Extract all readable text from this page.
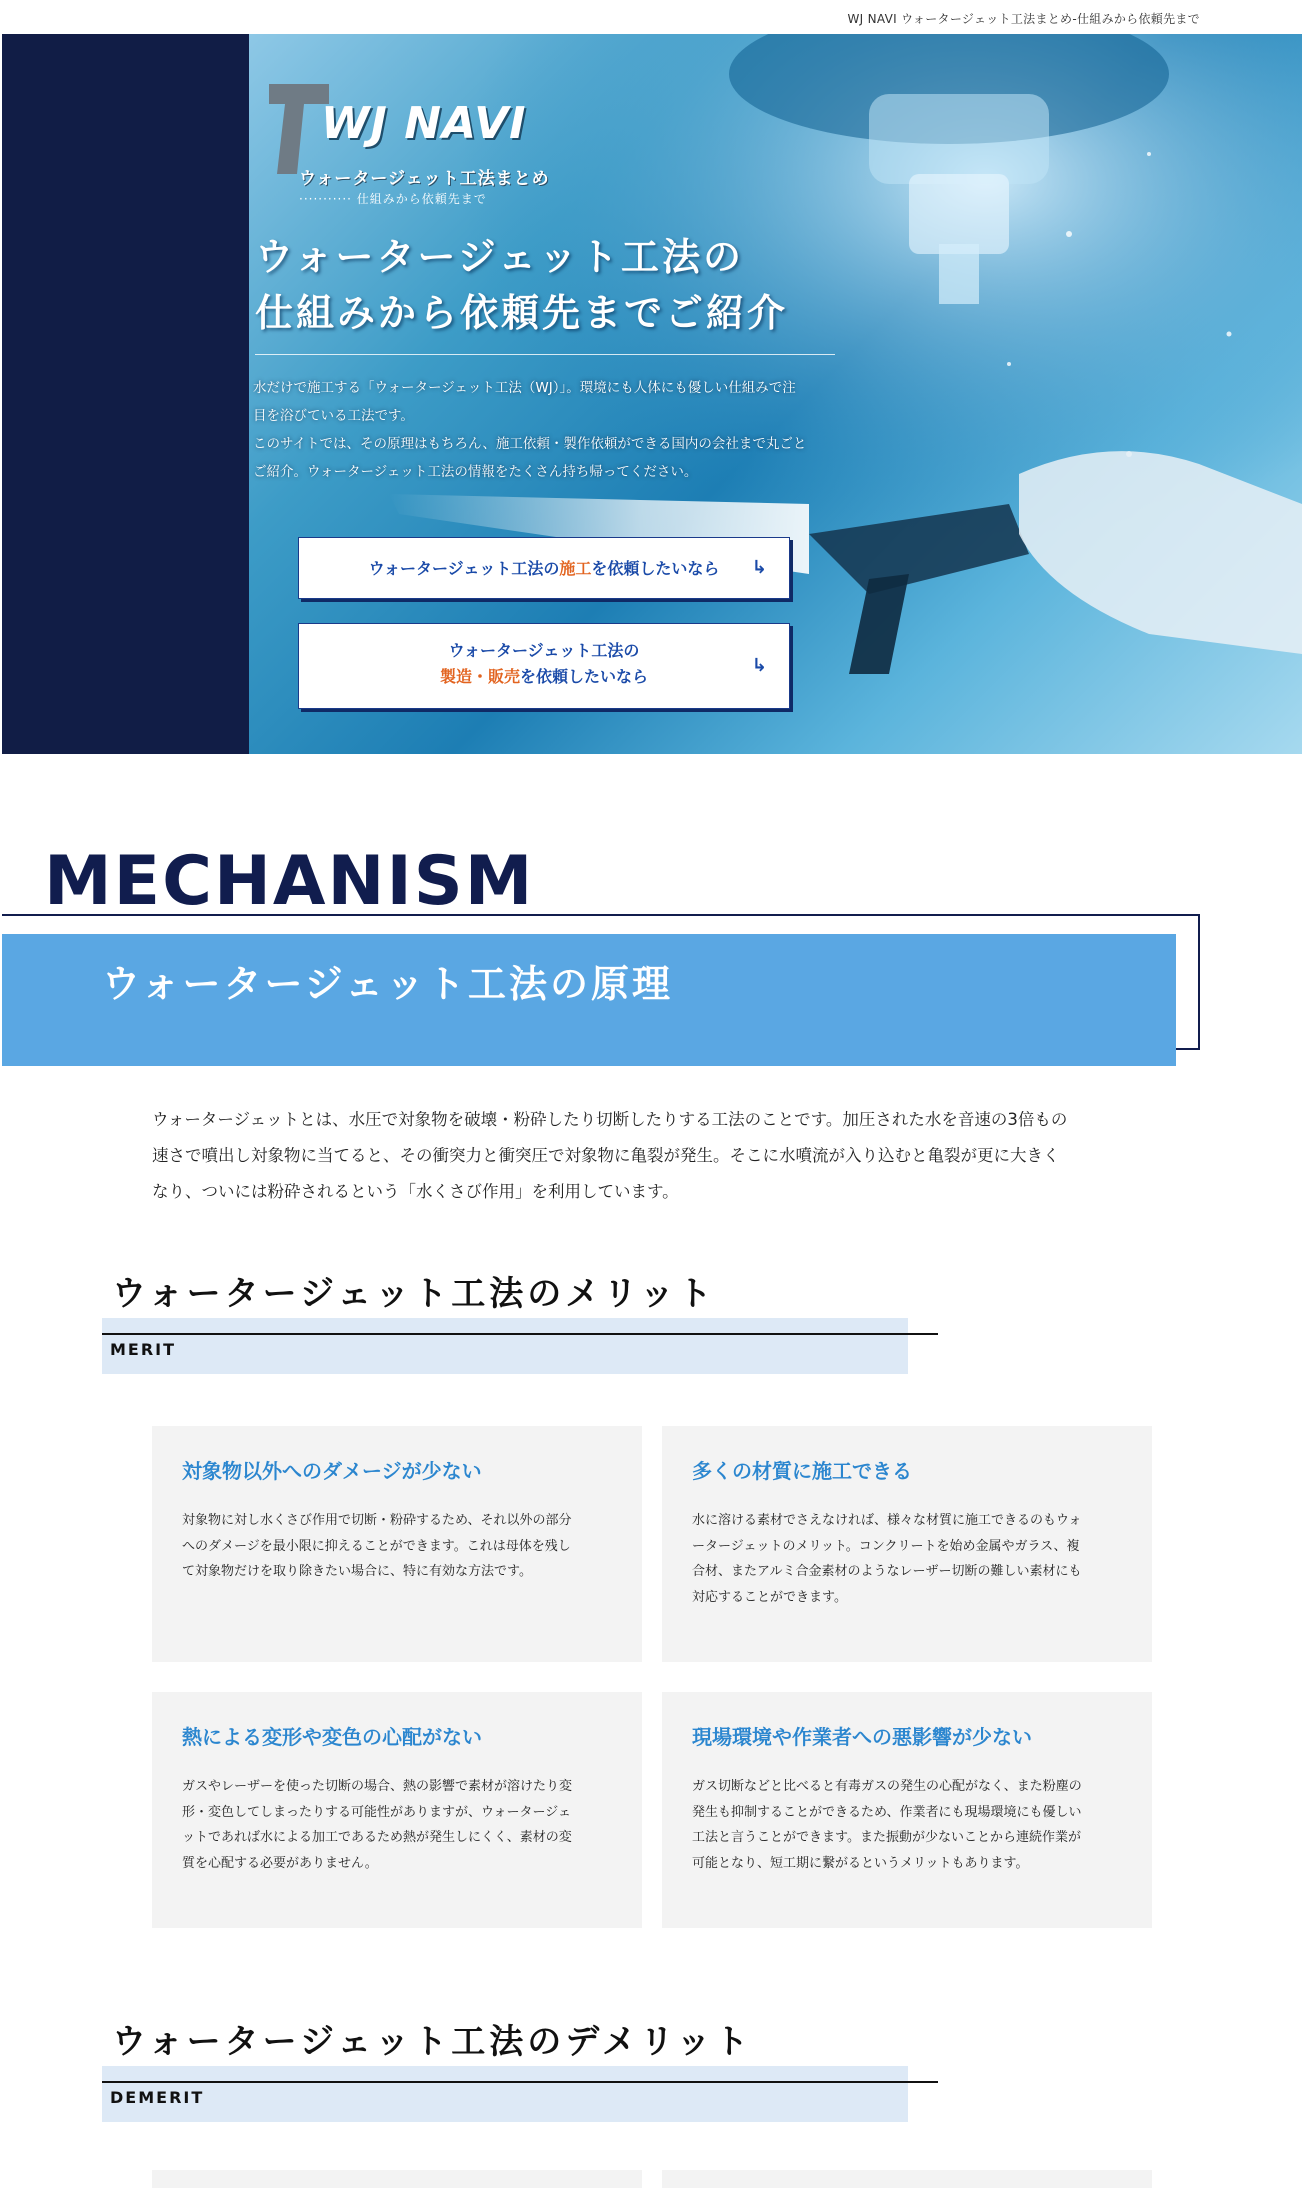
WJ NAVI ウォータージェット工法まとめ-仕組みから依頼先まで
WJ NAVI
ウォータージェット工法まとめ
··········· 仕組みから依頼先まで
ウォータージェット工法の
仕組みから依頼先までご紹介
水だけで施工する「ウォータージェット工法（WJ）」。環境にも人体にも優しい仕組みで注
目を浴びている工法です。
このサイトでは、その原理はもちろん、施工依頼・製作依頼ができる国内の会社まで丸ごと
ご紹介。ウォータージェット工法の情報をたくさん持ち帰ってください。
ウォータージェット工法の施工を依頼したいなら ↳
ウォータージェット工法の
製造・販売を依頼したいなら
↳
MECHANISM
ウォータージェット工法の原理
ウォータージェットとは、水圧で対象物を破壊・粉砕したり切断したりする工法のことです。加圧された水を音速の3倍もの
速さで噴出し対象物に当てると、その衝突力と衝突圧で対象物に亀裂が発生。そこに水噴流が入り込むと亀裂が更に大きく
なり、ついには粉砕されるという「水くさび作用」を利用しています。
MERIT
ウォータージェット工法のメリット
対象物以外へのダメージが少ない
対象物に対し水くさび作用で切断・粉砕するため、それ以外の部分
へのダメージを最小限に抑えることができます。これは母体を残し
て対象物だけを取り除きたい場合に、特に有効な方法です。
多くの材質に施工できる
水に溶ける素材でさえなければ、様々な材質に施工できるのもウォ
ータージェットのメリット。コンクリートを始め金属やガラス、複
合材、またアルミ合金素材のようなレーザー切断の難しい素材にも
対応することができます。
熱による変形や変色の心配がない
ガスやレーザーを使った切断の場合、熱の影響で素材が溶けたり変
形・変色してしまったりする可能性がありますが、ウォータージェ
ットであれば水による加工であるため熱が発生しにくく、素材の変
質を心配する必要がありません。
現場環境や作業者への悪影響が少ない
ガス切断などと比べると有毒ガスの発生の心配がなく、また粉塵の
発生も抑制することができるため、作業者にも現場環境にも優しい
工法と言うことができます。また振動が少ないことから連続作業が
可能となり、短工期に繋がるというメリットもあります。
DEMERIT
ウォータージェット工法のデメリット
